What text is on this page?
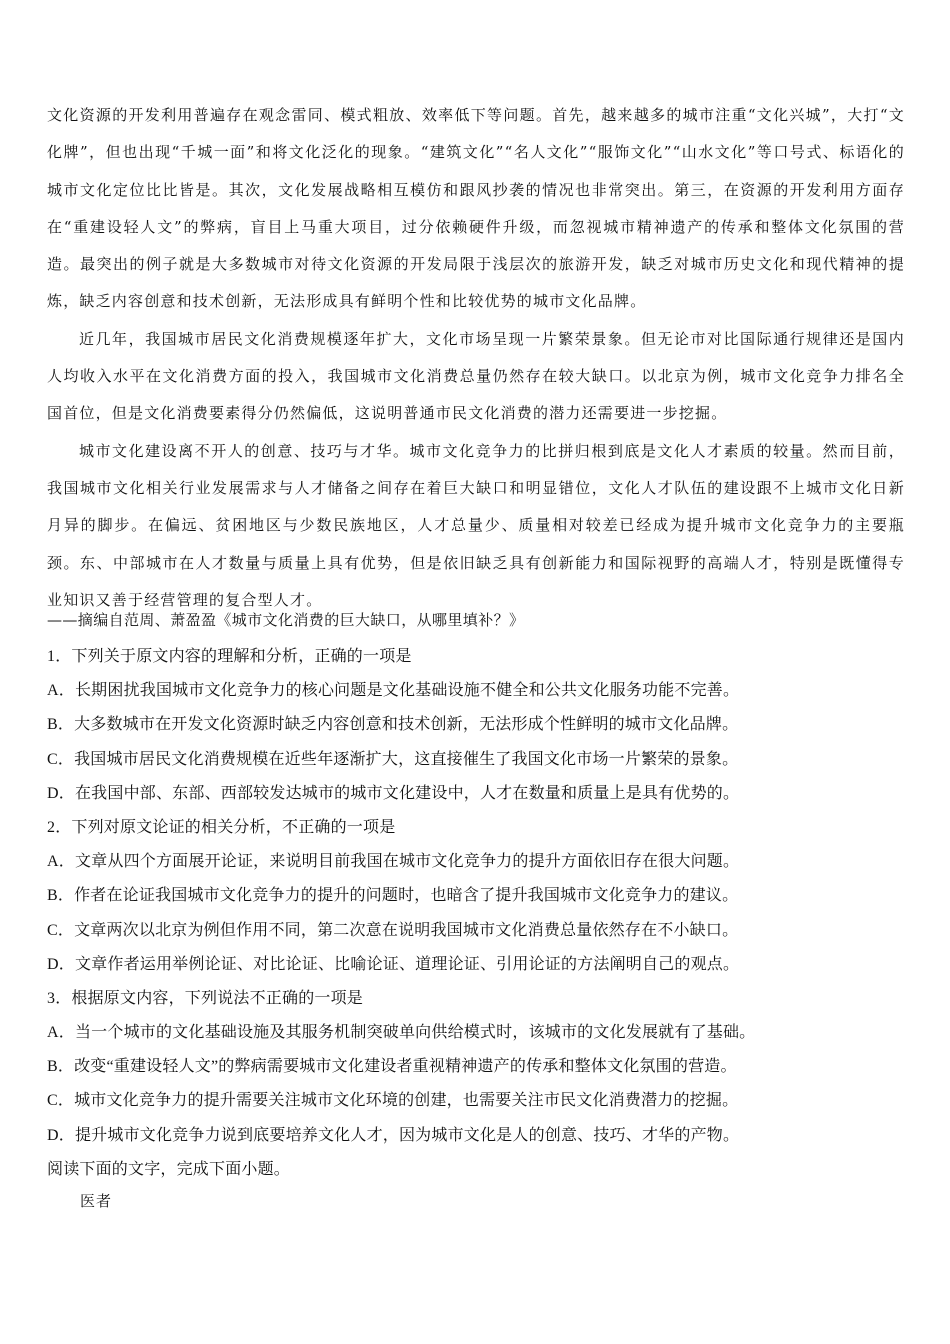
文化资源的开发利用普遍存在观念雷同、模式粗放、效率低下等问题。首先，越来越多的城市注重“文化兴城”，大打“文化牌”，但也出现“千城一面”和将文化泛化的现象。“建筑文化”“名人文化”“服饰文化”“山水文化”等口号式、标语化的城市文化定位比比皆是。其次，文化发展战略相互模仿和跟风抄袭的情况也非常突出。第三，在资源的开发利用方面存在“重建设轻人文”的弊病，盲目上马重大项目，过分依赖硬件升级，而忽视城市精神遗产的传承和整体文化氛围的营造。最突出的例子就是大多数城市对待文化资源的开发局限于浅层次的旅游开发，缺乏对城市历史文化和现代精神的提炼，缺乏内容创意和技术创新，无法形成具有鲜明个性和比较优势的城市文化品牌。

近几年，我国城市居民文化消费规模逐年扩大，文化市场呈现一片繁荣景象。但无论市对比国际通行规律还是国内人均收入水平在文化消费方面的投入，我国城市文化消费总量仍然存在较大缺口。以北京为例，城市文化竞争力排名全国首位，但是文化消费要素得分仍然偏低，这说明普通市民文化消费的潜力还需要进一步挖掘。

城市文化建设离不开人的创意、技巧与才华。城市文化竞争力的比拼归根到底是文化人才素质的较量。然而目前，我国城市文化相关行业发展需求与人才储备之间存在着巨大缺口和明显错位，文化人才队伍的建设跟不上城市文化日新月异的脚步。在偏远、贫困地区与少数民族地区，人才总量少、质量相对较差已经成为提升城市文化竞争力的主要瓶颈。东、中部城市在人才数量与质量上具有优势，但是依旧缺乏具有创新能力和国际视野的高端人才，特别是既懂得专业知识又善于经营管理的复合型人才。

——摘编自范周、萧盈盈《城市文化消费的巨大缺口，从哪里填补？》
1．下列关于原文内容的理解和分析，正确的一项是
A．长期困扰我国城市文化竞争力的核心问题是文化基础设施不健全和公共文化服务功能不完善。
B．大多数城市在开发文化资源时缺乏内容创意和技术创新，无法形成个性鲜明的城市文化品牌。
C．我国城市居民文化消费规模在近些年逐渐扩大，这直接催生了我国文化市场一片繁荣的景象。
D．在我国中部、东部、西部较发达城市的城市文化建设中，人才在数量和质量上是具有优势的。
2．下列对原文论证的相关分析，不正确的一项是
A．文章从四个方面展开论证，来说明目前我国在城市文化竞争力的提升方面依旧存在很大问题。
B．作者在论证我国城市文化竞争力的提升的问题时，也暗含了提升我国城市文化竞争力的建议。
C．文章两次以北京为例但作用不同，第二次意在说明我国城市文化消费总量依然存在不小缺口。
D．文章作者运用举例论证、对比论证、比喻论证、道理论证、引用论证的方法阐明自己的观点。
3．根据原文内容，下列说法不正确的一项是
A．当一个城市的文化基础设施及其服务机制突破单向供给模式时，该城市的文化发展就有了基础。
B．改变“重建设轻人文”的弊病需要城市文化建设者重视精神遗产的传承和整体文化氛围的营造。
C．城市文化竞争力的提升需要关注城市文化环境的创建，也需要关注市民文化消费潜力的挖掘。
D．提升城市文化竞争力说到底要培养文化人才，因为城市文化是人的创意、技巧、才华的产物。
阅读下面的文字，完成下面小题。
医者
